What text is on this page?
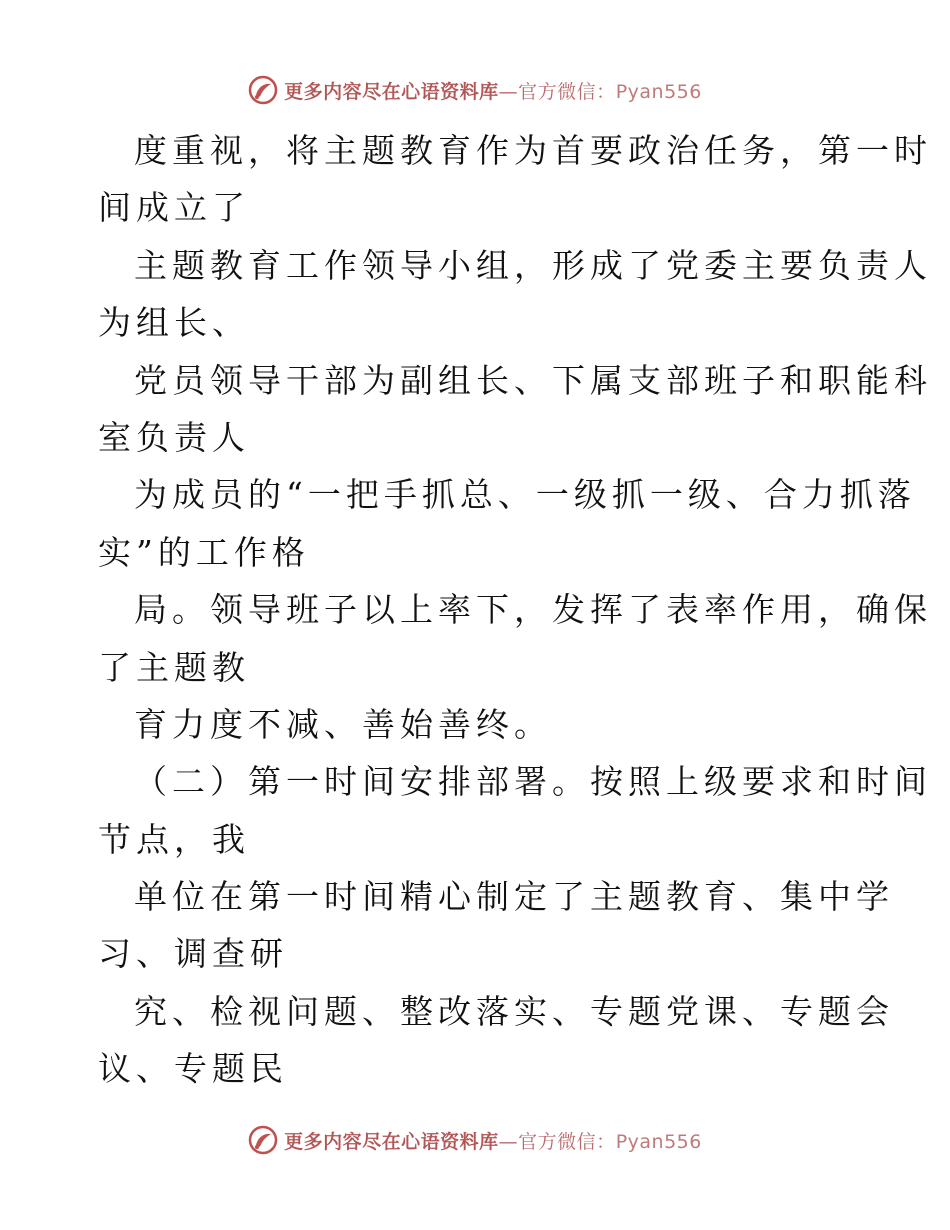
更多内容尽在心语资料库—官方微信：Pyan556
度重视，将主题教育作为首要政治任务，第一时
间成立了
主题教育工作领导小组，形成了党委主要负责人
为组长、
党员领导干部为副组长、下属支部班子和职能科
室负责人
为成员的“一把手抓总、一级抓一级、合力抓落
实”的工作格
局。领导班子以上率下，发挥了表率作用，确保
了主题教
育力度不减、善始善终。
（二）第一时间安排部署。按照上级要求和时间
节点，我
单位在第一时间精心制定了主题教育、集中学
习、调查研
究、检视问题、整改落实、专题党课、专题会
议、专题民
更多内容尽在心语资料库—官方微信：Pyan556
